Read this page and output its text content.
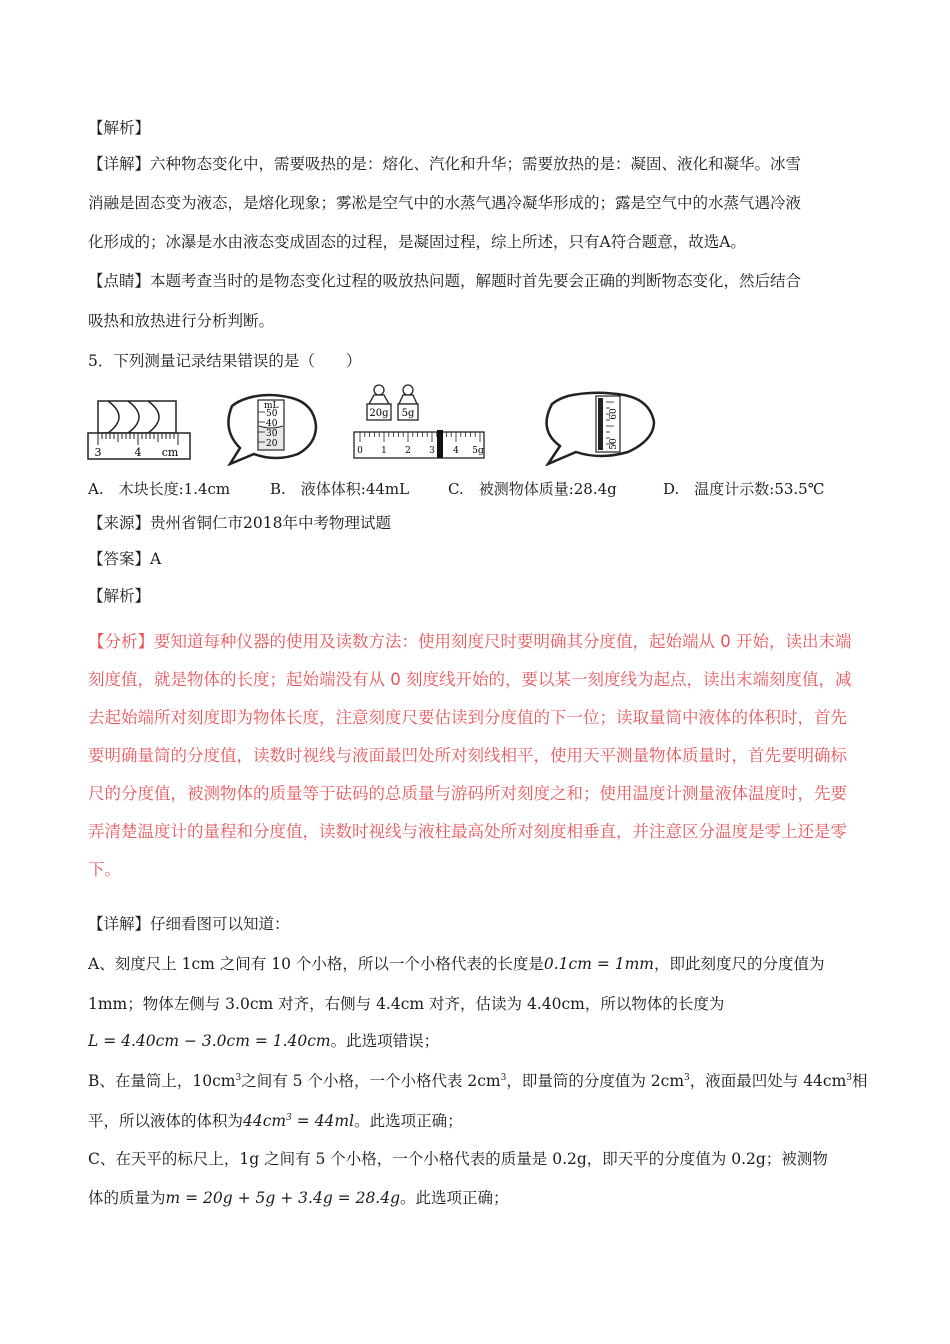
【解析】
【详解】六种物态变化中，需要吸热的是：熔化、汽化和升华；需要放热的是：凝固、液化和凝华。冰雪
消融是固态变为液态，是熔化现象；雾凇是空气中的水蒸气遇冷凝华形成的；露是空气中的水蒸气遇冷液
化形成的；冰瀑是水由液态变成固态的过程，是凝固过程，综上所述，只有A符合题意，故选A。
【点睛】本题考查当时的是物态变化过程的吸放热问题，解题时首先要会正确的判断物态变化，然后结合
吸热和放热进行分析判断。
5．下列测量记录结果错误的是（　　）
3	4 cm
mL
50
40
30
20
20g 5g
0 1 2 3 4 5g
60
50
A.　木块长度:1.4cm	B.　液体体积:44mL	C.　被测物体质量:28.4g	D.　温度计示数:53.5℃
【来源】贵州省铜仁市2018年中考物理试题
【答案】A
【解析】
【分析】要知道每种仪器的使用及读数方法：使用刻度尺时要明确其分度值，起始端从 0 开始，读出末端
刻度值，就是物体的长度；起始端没有从 0 刻度线开始的，要以某一刻度线为起点，读出末端刻度值，减
去起始端所对刻度即为物体长度，注意刻度尺要估读到分度值的下一位；读取量筒中液体的体积时，首先
要明确量筒的分度值，读数时视线与液面最凹处所对刻线相平，使用天平测量物体质量时，首先要明确标
尺的分度值，被测物体的质量等于砝码的总质量与游码所对刻度之和；使用温度计测量液体温度时，先要
弄清楚温度计的量程和分度值，读数时视线与液柱最高处所对刻度相垂直，并注意区分温度是零上还是零
下。
【详解】仔细看图可以知道：
A、刻度尺上 1cm 之间有 10 个小格，所以一个小格代表的长度是0.1cm = 1mm，即此刻度尺的分度值为
1mm；物体左侧与 3.0cm 对齐，右侧与 4.4cm 对齐，估读为 4.40cm，所以物体的长度为
L = 4.40cm − 3.0cm = 1.40cm。此选项错误；
B、在量筒上，$10cm^3$之间有 5 个小格，一个小格代表 $2cm^3$，即量筒的分度值为 $2cm^3$，液面最凹处与 $44cm^3$相
平，所以液体的体积为$44cm^3 = 44ml$。此选项正确；
C、在天平的标尺上，1g 之间有 5 个小格，一个小格代表的质量是 0.2g，即天平的分度值为 0.2g；被测物
体的质量为m = 20g + 5g + 3.4g = 28.4g。此选项正确；
